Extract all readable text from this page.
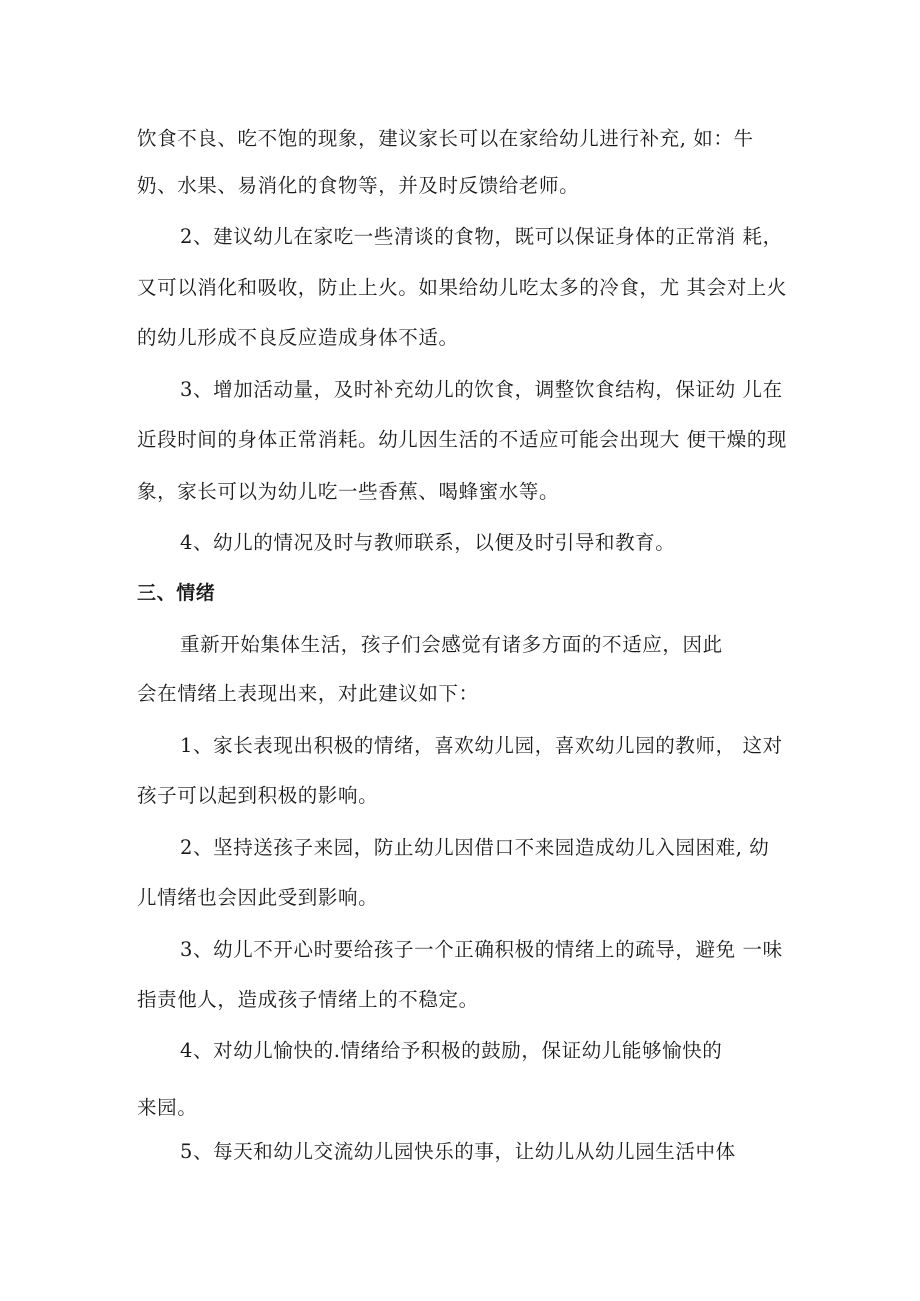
饮食不良、吃不饱的现象，建议家长可以在家给幼儿进行补充, 如：牛
奶、水果、易消化的食物等，并及时反馈给老师。
2、建议幼儿在家吃一些清谈的食物，既可以保证身体的正常消 耗，
又可以消化和吸收，防止上火。如果给幼儿吃太多的冷食，尤 其会对上火
的幼儿形成不良反应造成身体不适。
3、增加活动量，及时补充幼儿的饮食，调整饮食结构，保证幼 儿在
近段时间的身体正常消耗。幼儿因生活的不适应可能会出现大 便干燥的现
象，家长可以为幼儿吃一些香蕉、喝蜂蜜水等。
4、幼儿的情况及时与教师联系，以便及时引导和教育。
三、情绪
重新开始集体生活，孩子们会感觉有诸多方面的不适应，因此
会在情绪上表现出来，对此建议如下：
1、家长表现出积极的情绪，喜欢幼儿园，喜欢幼儿园的教师， 这对
孩子可以起到积极的影响。
2、坚持送孩子来园，防止幼儿因借口不来园造成幼儿入园困难, 幼
儿情绪也会因此受到影响。
3、幼儿不开心时要给孩子一个正确积极的情绪上的疏导，避免 一味
指责他人，造成孩子情绪上的不稳定。
4、对幼儿愉快的.情绪给予积极的鼓励，保证幼儿能够愉快的
来园。
5、每天和幼儿交流幼儿园快乐的事，让幼儿从幼儿园生活中体
